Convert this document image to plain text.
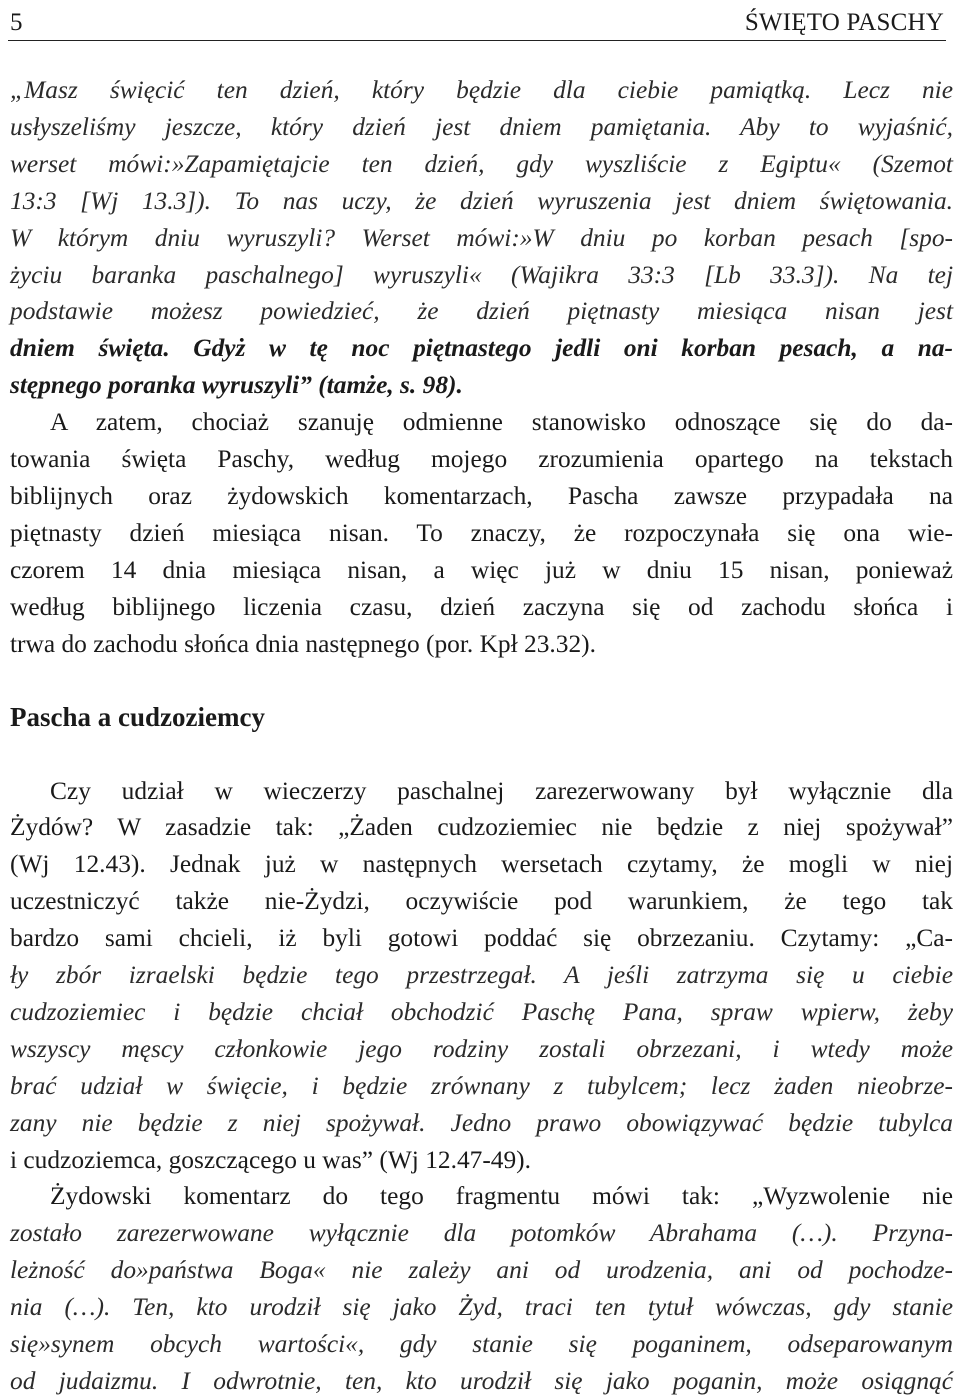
5	ŚWIĘTO PASCHY

„Masz święcić ten dzień, który będzie dla ciebie pamiątką. Lecz nie

usłyszeliśmy jeszcze, który dzień jest dniem pamiętania. Aby to wyjaśnić,

werset mówi:»Zapamiętajcie ten dzień, gdy wyszliście z Egiptu« (Szemot

13:3 [Wj 13.3]). To nas uczy, że dzień wyruszenia jest dniem świętowania.

W którym dniu wyruszyli? Werset mówi:»W dniu po korban pesach [spo-

życiu baranka paschalnego] wyruszyli« (Wajikra 33:3 [Lb 33.3]). Na tej

podstawie możesz powiedzieć, że dzień piętnasty miesiąca nisan jest

dniem święta. Gdyż w tę noc piętnastego jedli oni korban pesach, a na-

stępnego poranka wyruszyli” (tamże, s. 98).

A zatem, chociaż szanuję odmienne stanowisko odnoszące się do da-

towania święta Paschy, według mojego zrozumienia opartego na tekstach

biblijnych oraz żydowskich komentarzach, Pascha zawsze przypadała na

piętnasty dzień miesiąca nisan. To znaczy, że rozpoczynała się ona wie-

czorem 14 dnia miesiąca nisan, a więc już w dniu 15 nisan, ponieważ

według biblijnego liczenia czasu, dzień zaczyna się od zachodu słońca i

trwa do zachodu słońca dnia następnego (por. Kpł 23.32).

Pascha a cudzoziemcy

Czy udział w wieczerzy paschalnej zarezerwowany był wyłącznie dla

Żydów? W zasadzie tak: „Żaden cudzoziemiec nie będzie z niej spożywał”

(Wj 12.43). Jednak już w następnych wersetach czytamy, że mogli w niej

uczestniczyć także nie-Żydzi, oczywiście pod warunkiem, że tego tak

bardzo sami chcieli, iż byli gotowi poddać się obrzezaniu. Czytamy: „Ca-

ły zbór izraelski będzie tego przestrzegał. A jeśli zatrzyma się u ciebie

cudzoziemiec i będzie chciał obchodzić Paschę Pana, spraw wpierw, żeby

wszyscy męscy członkowie jego rodziny zostali obrzezani, i wtedy może

brać udział w święcie, i będzie zrównany z tubylcem; lecz żaden nieobrze-

zany nie będzie z niej spożywał. Jedno prawo obowiązywać będzie tubylca

i cudzoziemca, goszczącego u was” (Wj 12.47-49).

Żydowski komentarz do tego fragmentu mówi tak: „Wyzwolenie nie

zostało zarezerwowane wyłącznie dla potomków Abrahama (…). Przyna-

leżność do»państwa Boga« nie zależy ani od urodzenia, ani od pochodze-

nia (…). Ten, kto urodził się jako Żyd, traci ten tytuł wówczas, gdy stanie

się»synem obcych wartości«, gdy stanie się poganinem, odseparowanym

od judaizmu. I odwrotnie, ten, kto urodził się jako poganin, może osiągnąć
